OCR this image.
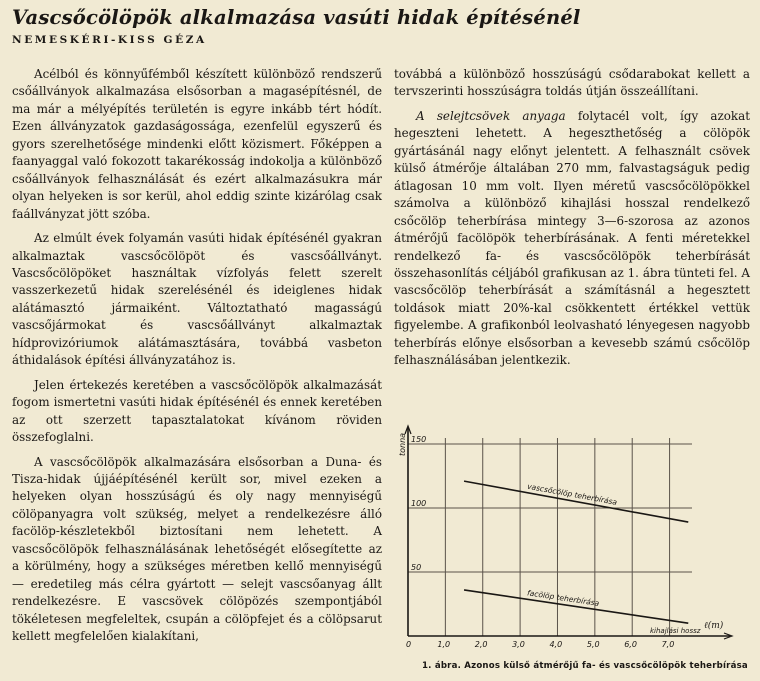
Vascsőcölöpök alkalmazása vasúti hidak építésénél
NEMESKÉRI-KISS GÉZA

Acélból és könnyűfémből készített különböző rendszerű csőállványok alkalmazása elsősorban a magasépítésnél, de ma már a mélyépítés területén is egyre inkább tért hódít. Ezen állványzatok gazdaságossága, ezenfelül egyszerű és gyors szerelhetősége mindenki előtt közismert. Főképpen a faanyaggal való fokozott takarékosság indokolja a különböző csőállványok felhasználását és ezért alkalmazásukra már olyan helyeken is sor kerül, ahol eddig szinte kizárólag csak faállványzat jött szóba.

Az elmúlt évek folyamán vasúti hidak építésénél gyakran alkalmaztak vascsőcölöpöt és vascsőállványt. Vascsőcölöpöket használtak vízfolyás felett szerelt vasszerkezetű hidak szerelésénél és ideiglenes hidak alátámasztó jármaiként. Változtatható magasságú vascsőjármokat és vascsőállványt alkalmaztak hídprovizóriumok alátámasztására, továbbá vasbeton áthidalások építési állványzatához is.

Jelen értekezés keretében a vascsőcölöpök alkalmazását fogom ismertetni vasúti hidak építésénél és ennek keretében az ott szerzett tapasztalatokat kívánom röviden összefoglalni.

A vascsőcölöpök alkalmazására elsősorban a Duna- és Tisza-hidak újjáépítésénél került sor, mivel ezeken a helyeken olyan hosszúságú és oly nagy mennyiségű cölöpanyagra volt szükség, melyet a rendelkezésre álló facölöp-készletekből biztosítani nem lehetett. A vascsőcölöpök felhasználásának lehetőségét elősegítette az a körülmény, hogy a szükséges méretben kellő mennyiségű — eredetileg más célra gyártott — selejt vascsőanyag állt rendelkezésre. E vascsövek cölöpözés szempontjából tökéletesen megfeleltek, csupán a cölöpfejet és a cölöpsarut kellett megfelelően kialakítani,

továbbá a különböző hosszúságú csődarabokat kellett a tervszerinti hosszúságra toldás útján összeállítani.

A selejtcsövek anyaga folytacél volt, így azokat hegeszteni lehetett. A hegeszthetőség a cölöpök gyártásánál nagy előnyt jelentett. A felhasznált csövek külső átmérője általában 270 mm, falvastagságuk pedig átlagosan 10 mm volt. Ilyen méretű vascsőcölöpökkel számolva a különböző kihajlási hosszal rendelkező csőcölöp teherbírása mintegy 3—6-szorosa az azonos átmérőjű facölöpök teherbírásának. A fenti méretekkel rendelkező fa- és vascsőcölöpök teherbírását összehasonlítás céljából grafikusan az 1. ábra tünteti fel. A vascsőcölöp teherbírását a számításnál a hegesztett toldások miatt 20%-kal csökkentett értékkel vettük figyelembe. A grafikonból leolvasható lényegesen nagyobb teherbírás előnye elsősorban a kevesebb számú csőcölöp felhasználásában jelentkezik.

50
100
150
0	1,0	2,0	3,0	4,0	5,0	6,0	7,0
tonna
ℓ(m)
kihajlási hossz
vascsőcölöp teherbírása
facölöp teherbírása
1. ábra. Azonos külső átmérőjű fa- és vascsőcölöpök teherbírása
